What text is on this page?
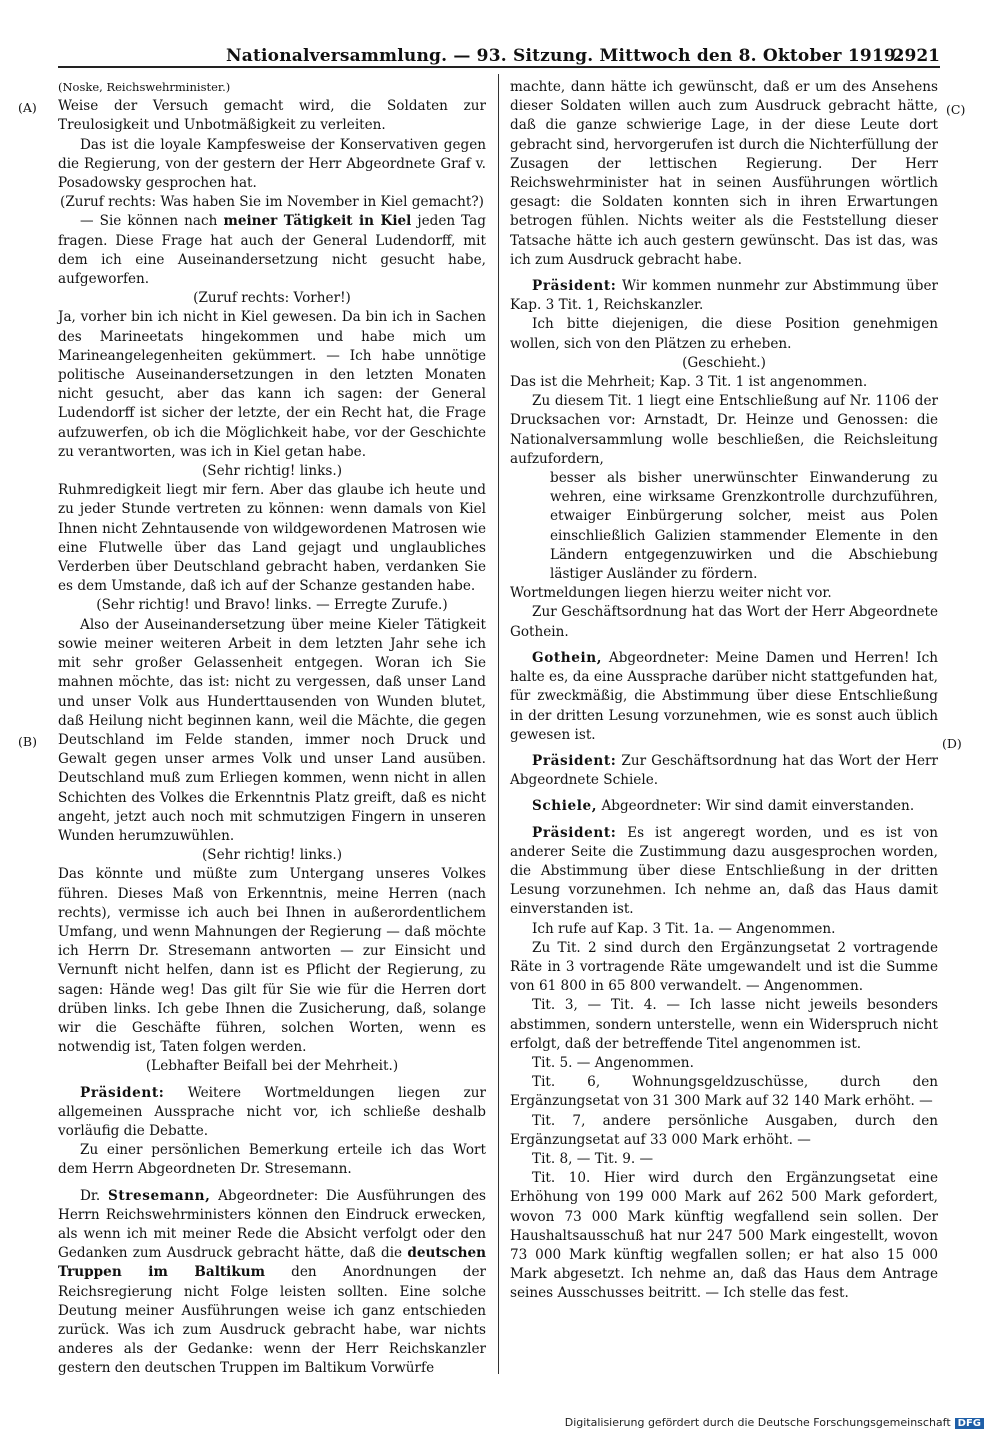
Nationalversammlung. — 93. Sitzung. Mittwoch den 8. Oktober 1919.
2921
(A)
(B)
(C)
(D)

(Noske, Reichswehrminister.)

Weise der Versuch gemacht wird, die Soldaten zur Treulosigkeit und Unbotmäßigkeit zu verleiten.

Das ist die loyale Kampfesweise der Konservativen gegen die Regierung, von der gestern der Herr Abgeordnete Graf v. Posadowsky gesprochen hat.

(Zuruf rechts: Was haben Sie im November in Kiel gemacht?)

— Sie können nach meiner Tätigkeit in Kiel jeden Tag fragen. Diese Frage hat auch der General Ludendorff, mit dem ich eine Auseinandersetzung nicht gesucht habe, aufgeworfen.

(Zuruf rechts: Vorher!)

Ja, vorher bin ich nicht in Kiel gewesen. Da bin ich in Sachen des Marineetats hingekommen und habe mich um Marineangelegenheiten gekümmert. — Ich habe unnötige politische Auseinandersetzungen in den letzten Monaten nicht gesucht, aber das kann ich sagen: der General Ludendorff ist sicher der letzte, der ein Recht hat, die Frage aufzuwerfen, ob ich die Möglichkeit habe, vor der Geschichte zu verantworten, was ich in Kiel getan habe.

(Sehr richtig! links.)

Ruhmredigkeit liegt mir fern. Aber das glaube ich heute und zu jeder Stunde vertreten zu können: wenn damals von Kiel Ihnen nicht Zehntausende von wildgewordenen Matrosen wie eine Flutwelle über das Land gejagt und unglaubliches Verderben über Deutschland gebracht haben, verdanken Sie es dem Umstande, daß ich auf der Schanze gestanden habe.

(Sehr richtig! und Bravo! links. — Erregte Zurufe.)

Also der Auseinandersetzung über meine Kieler Tätigkeit sowie meiner weiteren Arbeit in dem letzten Jahr sehe ich mit sehr großer Gelassenheit entgegen. Woran ich Sie mahnen möchte, das ist: nicht zu vergessen, daß unser Land und unser Volk aus Hunderttausenden von Wunden blutet, daß Heilung nicht beginnen kann, weil die Mächte, die gegen Deutschland im Felde standen, immer noch Druck und Gewalt gegen unser armes Volk und unser Land ausüben. Deutschland muß zum Erliegen kommen, wenn nicht in allen Schichten des Volkes die Erkenntnis Platz greift, daß es nicht angeht, jetzt auch noch mit schmutzigen Fingern in unseren Wunden herumzuwühlen.

(Sehr richtig! links.)

Das könnte und müßte zum Untergang unseres Volkes führen. Dieses Maß von Erkenntnis, meine Herren (nach rechts), vermisse ich auch bei Ihnen in außerordentlichem Umfang, und wenn Mahnungen der Regierung — daß möchte ich Herrn Dr. Stresemann antworten — zur Einsicht und Vernunft nicht helfen, dann ist es Pflicht der Regierung, zu sagen: Hände weg! Das gilt für Sie wie für die Herren dort drüben links. Ich gebe Ihnen die Zusicherung, daß, solange wir die Geschäfte führen, solchen Worten, wenn es notwendig ist, Taten folgen werden.

(Lebhafter Beifall bei der Mehrheit.)

Präsident: Weitere Wortmeldungen liegen zur allgemeinen Aussprache nicht vor, ich schließe deshalb vorläufig die Debatte.

Zu einer persönlichen Bemerkung erteile ich das Wort dem Herrn Abgeordneten Dr. Stresemann.

Dr. Stresemann, Abgeordneter: Die Ausführungen des Herrn Reichswehrministers können den Eindruck erwecken, als wenn ich mit meiner Rede die Absicht verfolgt oder den Gedanken zum Ausdruck gebracht hätte, daß die deutschen Truppen im Baltikum den Anordnungen der Reichsregierung nicht Folge leisten sollten. Eine solche Deutung meiner Ausführungen weise ich ganz entschieden zurück. Was ich zum Ausdruck gebracht habe, war nichts anderes als der Gedanke: wenn der Herr Reichskanzler gestern den deutschen Truppen im Baltikum Vorwürfe

machte, dann hätte ich gewünscht, daß er um des Ansehens dieser Soldaten willen auch zum Ausdruck gebracht hätte, daß die ganze schwierige Lage, in der diese Leute dort gebracht sind, hervorgerufen ist durch die Nichterfüllung der Zusagen der lettischen Regierung. Der Herr Reichswehrminister hat in seinen Ausführungen wörtlich gesagt: die Soldaten konnten sich in ihren Erwartungen betrogen fühlen. Nichts weiter als die Feststellung dieser Tatsache hätte ich auch gestern gewünscht. Das ist das, was ich zum Ausdruck gebracht habe.

Präsident: Wir kommen nunmehr zur Abstimmung über Kap. 3 Tit. 1, Reichskanzler.

Ich bitte diejenigen, die diese Position genehmigen wollen, sich von den Plätzen zu erheben.

(Geschieht.)

Das ist die Mehrheit; Kap. 3 Tit. 1 ist angenommen.

Zu diesem Tit. 1 liegt eine Entschließung auf Nr. 1106 der Drucksachen vor: Arnstadt, Dr. Heinze und Genossen: die Nationalversammlung wolle beschließen, die Reichsleitung aufzufordern,

besser als bisher unerwünschter Einwanderung zu wehren, eine wirksame Grenzkontrolle durchzuführen, etwaiger Einbürgerung solcher, meist aus Polen einschließlich Galizien stammender Elemente in den Ländern entgegenzuwirken und die Abschiebung lästiger Ausländer zu fördern.

Wortmeldungen liegen hierzu weiter nicht vor.

Zur Geschäftsordnung hat das Wort der Herr Abgeordnete Gothein.

Gothein, Abgeordneter: Meine Damen und Herren! Ich halte es, da eine Aussprache darüber nicht stattgefunden hat, für zweckmäßig, die Abstimmung über diese Entschließung in der dritten Lesung vorzunehmen, wie es sonst auch üblich gewesen ist.

Präsident: Zur Geschäftsordnung hat das Wort der Herr Abgeordnete Schiele.

Schiele, Abgeordneter: Wir sind damit einverstanden.

Präsident: Es ist angeregt worden, und es ist von anderer Seite die Zustimmung dazu ausgesprochen worden, die Abstimmung über diese Entschließung in der dritten Lesung vorzunehmen. Ich nehme an, daß das Haus damit einverstanden ist.

Ich rufe auf Kap. 3 Tit. 1a. — Angenommen.

Zu Tit. 2 sind durch den Ergänzungsetat 2 vortragende Räte in 3 vortragende Räte umgewandelt und ist die Summe von 61 800 in 65 800 verwandelt. — Angenommen.

Tit. 3, — Tit. 4. — Ich lasse nicht jeweils besonders abstimmen, sondern unterstelle, wenn ein Widerspruch nicht erfolgt, daß der betreffende Titel angenommen ist.

Tit. 5. — Angenommen.

Tit. 6, Wohnungsgeldzuschüsse, durch den Ergänzungsetat von 31 300 Mark auf 32 140 Mark erhöht. —

Tit. 7, andere persönliche Ausgaben, durch den Ergänzungsetat auf 33 000 Mark erhöht. —

Tit. 8, — Tit. 9. —

Tit. 10. Hier wird durch den Ergänzungsetat eine Erhöhung von 199 000 Mark auf 262 500 Mark gefordert, wovon 73 000 Mark künftig wegfallend sein sollen. Der Haushaltsausschuß hat nur 247 500 Mark eingestellt, wovon 73 000 Mark künftig wegfallen sollen; er hat also 15 000 Mark abgesetzt. Ich nehme an, daß das Haus dem Antrage seines Ausschusses beitritt. — Ich stelle das fest.

Digitalisierung gefördert durch die Deutsche Forschungsgemeinschaft DFG
